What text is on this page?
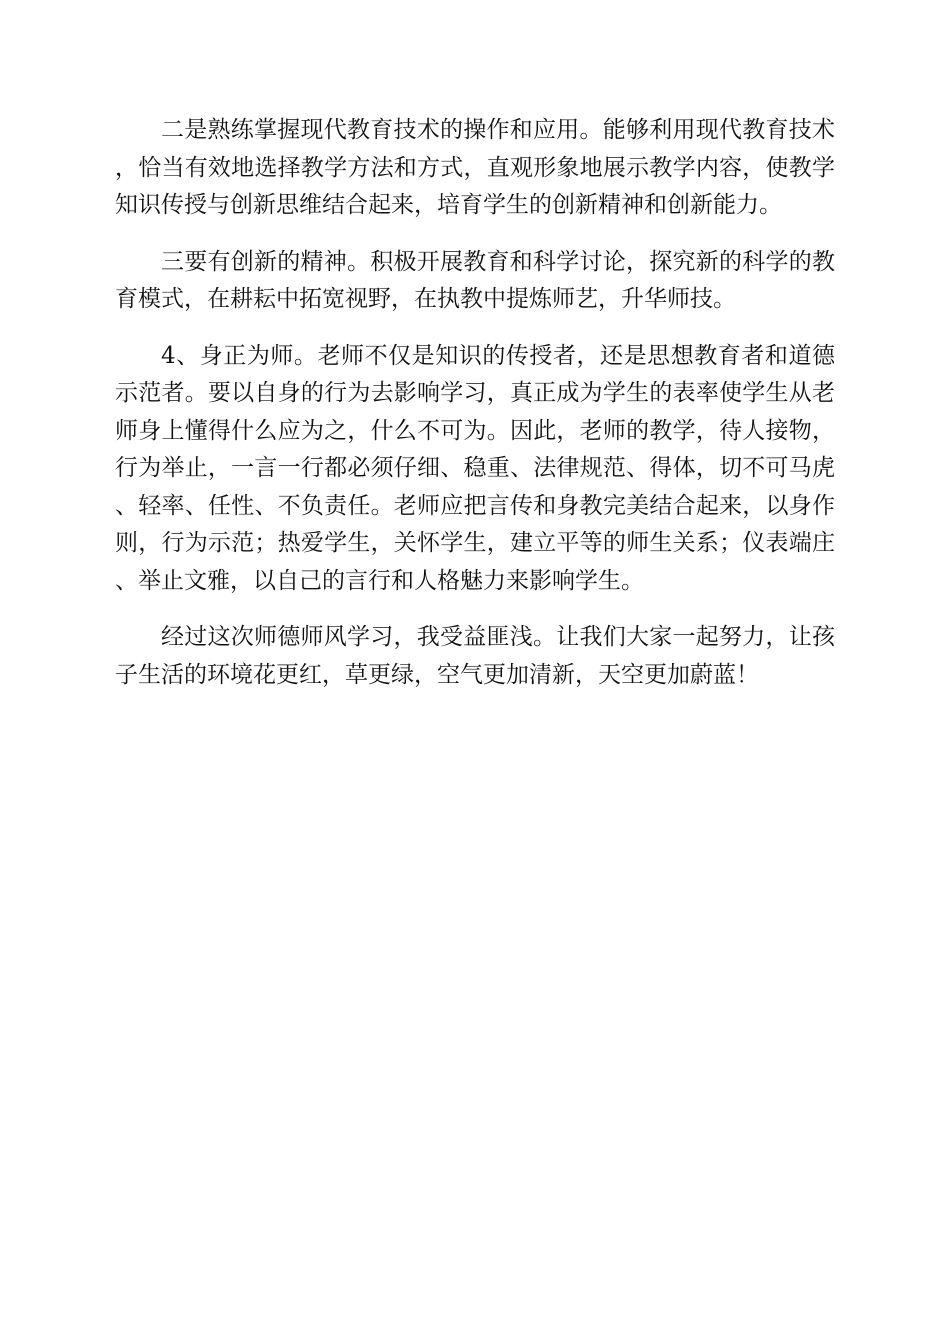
二是熟练掌握现代教育技术的操作和应用。能够利用现代教育技术，恰当有效地选择教学方法和方式，直观形象地展示教学内容，使教学知识传授与创新思维结合起来，培育学生的创新精神和创新能力。

三要有创新的精神。积极开展教育和科学讨论，探究新的科学的教育模式，在耕耘中拓宽视野，在执教中提炼师艺，升华师技。

4、身正为师。老师不仅是知识的传授者，还是思想教育者和道德示范者。要以自身的行为去影响学习，真正成为学生的表率使学生从老师身上懂得什么应为之，什么不可为。因此，老师的教学，待人接物，行为举止，一言一行都必须仔细、稳重、法律规范、得体，切不可马虎、轻率、任性、不负责任。老师应把言传和身教完美结合起来，以身作则，行为示范；热爱学生，关怀学生，建立平等的师生关系；仪表端庄、举止文雅，以自己的言行和人格魅力来影响学生。

经过这次师德师风学习，我受益匪浅。让我们大家一起努力，让孩子生活的环境花更红，草更绿，空气更加清新，天空更加蔚蓝！
